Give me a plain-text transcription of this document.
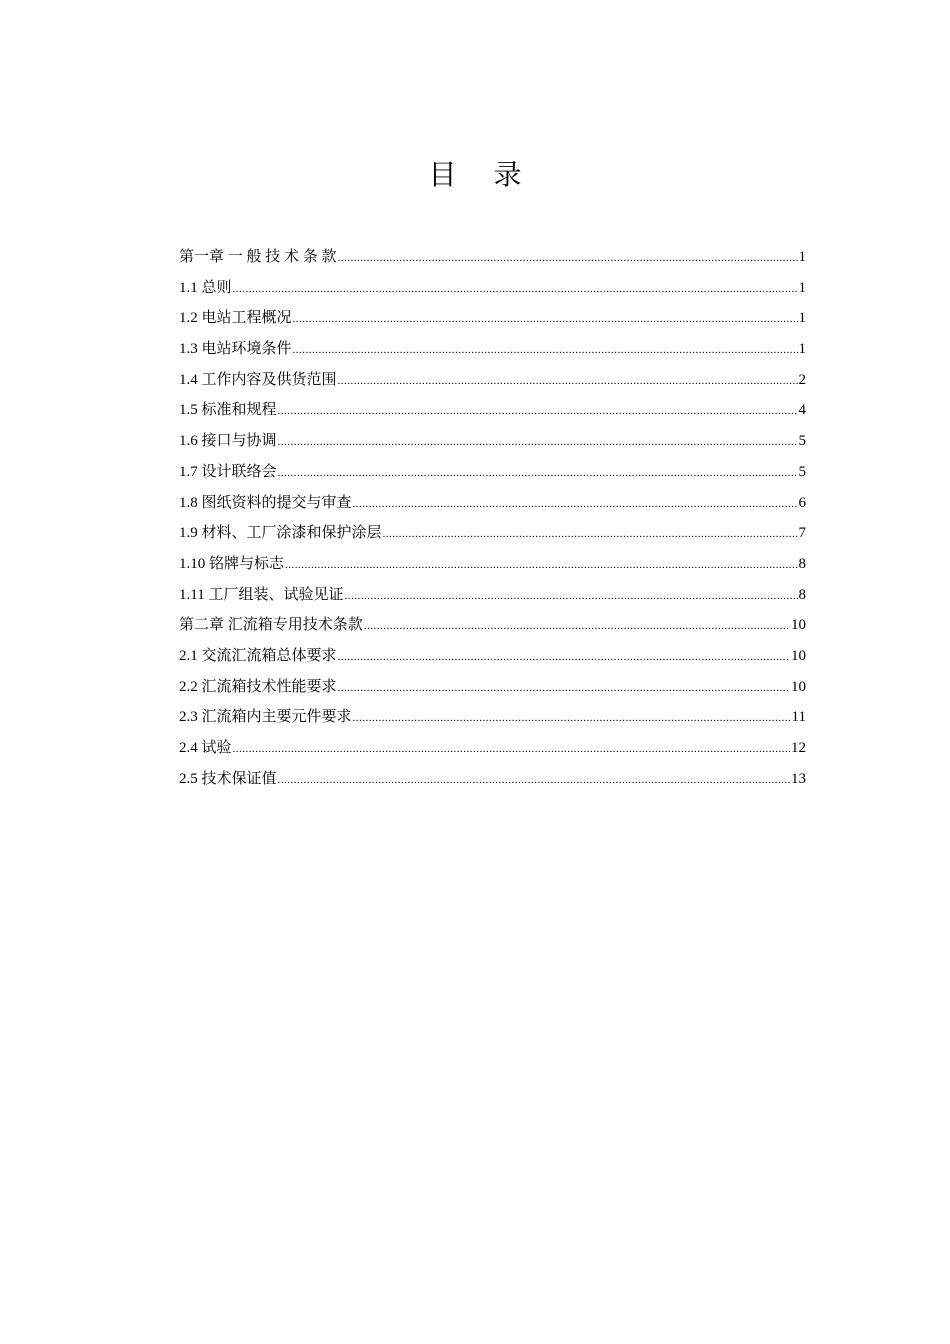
目 录
第一章 一 般 技 术 条 款 .....	1
1.1 总则 .....	1
1.2 电站工程概况 .....	1
1.3 电站环境条件 .....	1
1.4 工作内容及供货范围 .....	2
1.5 标准和规程 .....	4
1.6 接口与协调 .....	5
1.7 设计联络会 .....	5
1.8 图纸资料的提交与审查 .....	6
1.9 材料、工厂涂漆和保护涂层 .....	7
1.10 铭牌与标志 .....	8
1.11 工厂组装、试验见证 .....	8
第二章 汇流箱专用技术条款 .....	10
2.1 交流汇流箱总体要求 .....	10
2.2 汇流箱技术性能要求 .....	10
2.3 汇流箱内主要元件要求 .....	11
2.4 试验 .....	12
2.5 技术保证值 .....	13
